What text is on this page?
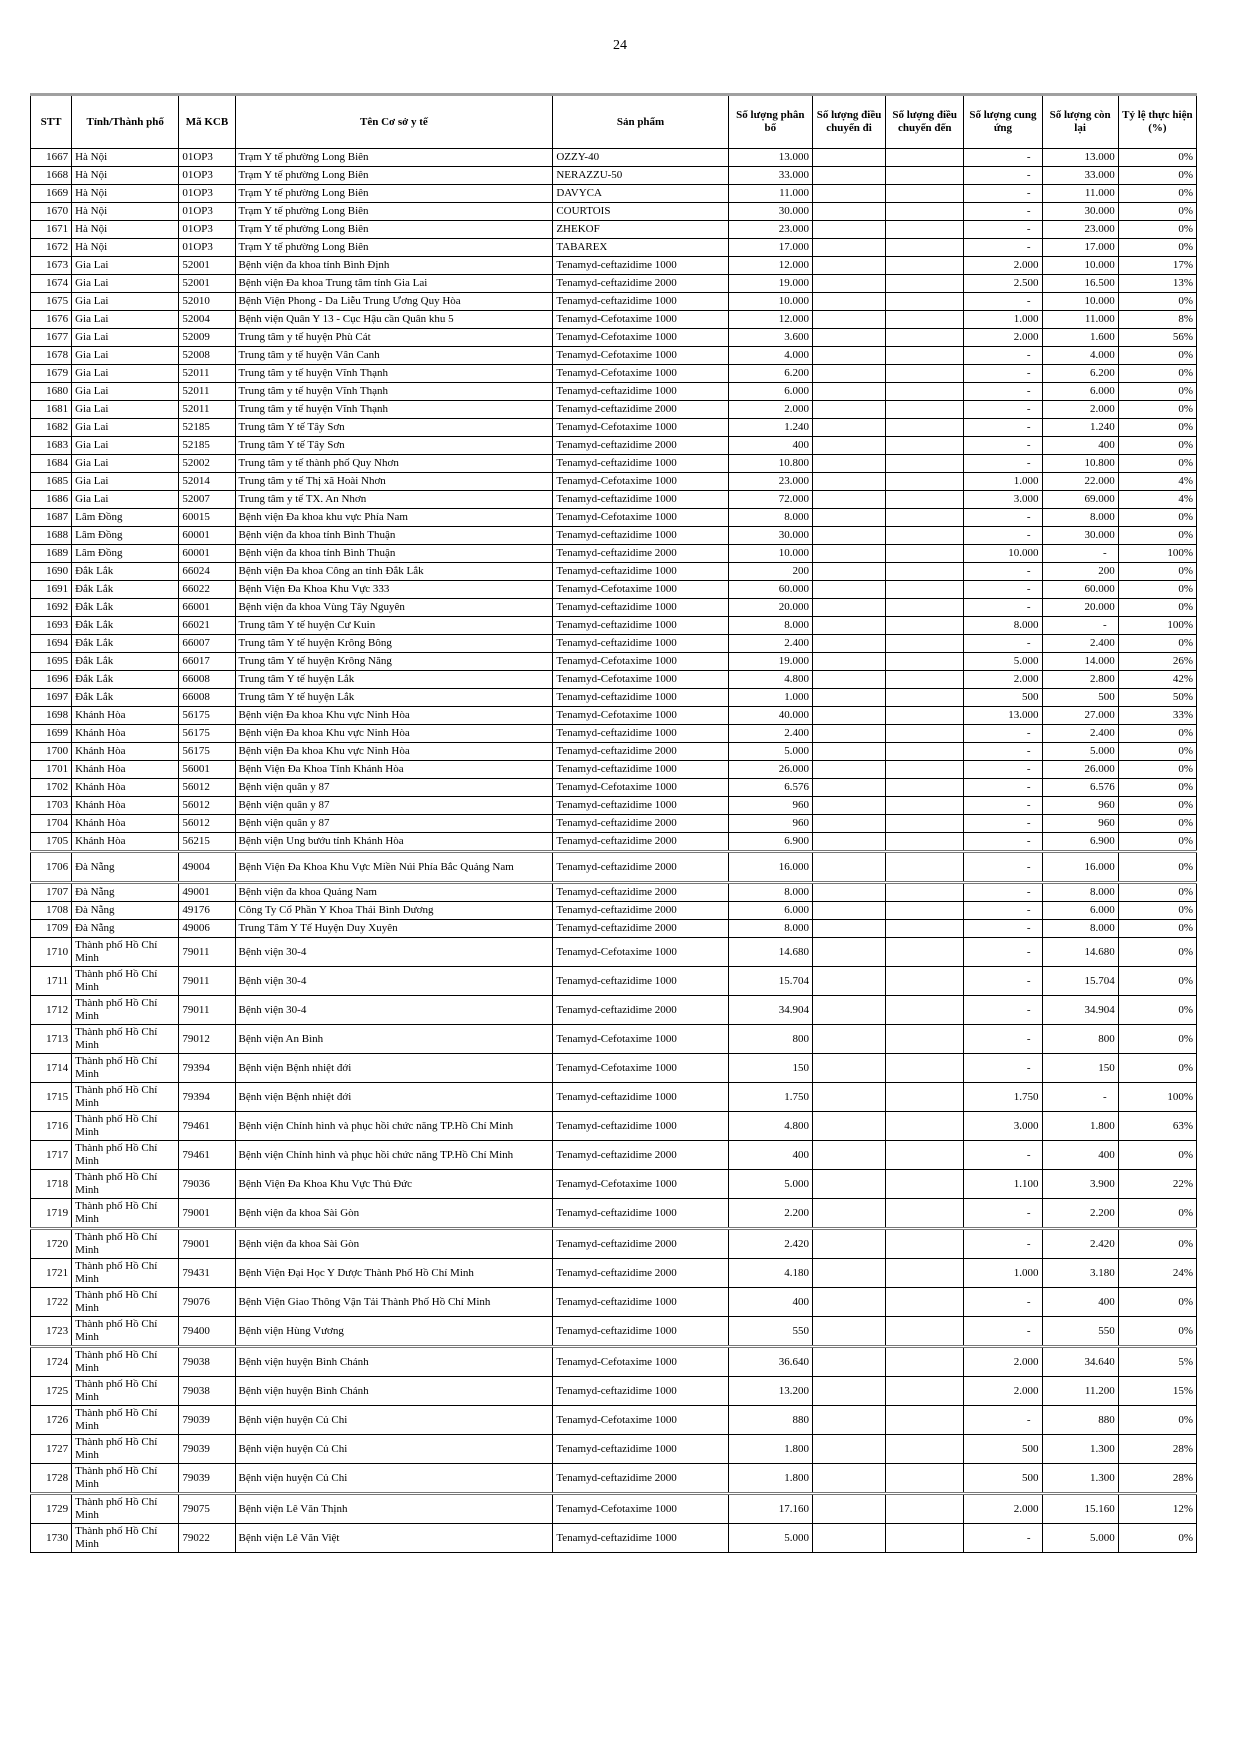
24
STT	Tỉnh/Thành phố	Mã KCB	Tên Cơ sở y tế	Sản phẩm	Số lượng phân bổ	Số lượng điều chuyển đi	Số lượng điều chuyển đến	Số lượng cung ứng	Số lượng còn lại	Tỷ lệ thực hiện (%)
1667	Hà Nội	01OP3	Trạm Y tế phường Long Biên	OZZY-40	13.000			-	13.000	0%
1668	Hà Nội	01OP3	Trạm Y tế phường Long Biên	NERAZZU-50	33.000			-	33.000	0%
1669	Hà Nội	01OP3	Trạm Y tế phường Long Biên	DAVYCA	11.000			-	11.000	0%
1670	Hà Nội	01OP3	Trạm Y tế phường Long Biên	COURTOIS	30.000			-	30.000	0%
1671	Hà Nội	01OP3	Trạm Y tế phường Long Biên	ZHEKOF	23.000			-	23.000	0%
1672	Hà Nội	01OP3	Trạm Y tế phường Long Biên	TABAREX	17.000			-	17.000	0%
1673	Gia Lai	52001	Bệnh viện đa khoa tỉnh Bình Định	Tenamyd-ceftazidime 1000	12.000			2.000	10.000	17%
1674	Gia Lai	52001	Bệnh viện Đa khoa Trung tâm tỉnh Gia Lai	Tenamyd-ceftazidime 2000	19.000			2.500	16.500	13%
1675	Gia Lai	52010	Bệnh Viện Phong - Da Liễu Trung Ương Quy Hòa	Tenamyd-ceftazidime 1000	10.000			-	10.000	0%
1676	Gia Lai	52004	Bệnh viện Quân Y 13 - Cục Hậu cần Quân khu 5	Tenamyd-Cefotaxime 1000	12.000			1.000	11.000	8%
1677	Gia Lai	52009	Trung tâm y tế huyện Phù Cát	Tenamyd-Cefotaxime 1000	3.600			2.000	1.600	56%
1678	Gia Lai	52008	Trung tâm y tế huyện Vân Canh	Tenamyd-Cefotaxime 1000	4.000			-	4.000	0%
1679	Gia Lai	52011	Trung tâm y tế huyện Vĩnh Thạnh	Tenamyd-Cefotaxime 1000	6.200			-	6.200	0%
1680	Gia Lai	52011	Trung tâm y tế huyện Vĩnh Thạnh	Tenamyd-ceftazidime 1000	6.000			-	6.000	0%
1681	Gia Lai	52011	Trung tâm y tế huyện Vĩnh Thạnh	Tenamyd-ceftazidime 2000	2.000			-	2.000	0%
1682	Gia Lai	52185	Trung tâm Y tế Tây Sơn	Tenamyd-Cefotaxime 1000	1.240			-	1.240	0%
1683	Gia Lai	52185	Trung tâm Y tế Tây Sơn	Tenamyd-ceftazidime 2000	400			-	400	0%
1684	Gia Lai	52002	Trung tâm y tế thành phố Quy Nhơn	Tenamyd-ceftazidime 1000	10.800			-	10.800	0%
1685	Gia Lai	52014	Trung tâm y tế Thị xã Hoài Nhơn	Tenamyd-Cefotaxime 1000	23.000			1.000	22.000	4%
1686	Gia Lai	52007	Trung tâm y tế TX. An Nhơn	Tenamyd-ceftazidime 1000	72.000			3.000	69.000	4%
1687	Lâm Đồng	60015	Bệnh viện Đa khoa khu vực Phía Nam	Tenamyd-Cefotaxime 1000	8.000			-	8.000	0%
1688	Lâm Đồng	60001	Bệnh viện đa khoa tỉnh Bình Thuận	Tenamyd-ceftazidime 1000	30.000			-	30.000	0%
1689	Lâm Đồng	60001	Bệnh viện đa khoa tỉnh Bình Thuận	Tenamyd-ceftazidime 2000	10.000			10.000	-	100%
1690	Đắk Lắk	66024	Bệnh viện Đa khoa Công an tỉnh Đắk Lắk	Tenamyd-ceftazidime 1000	200			-	200	0%
1691	Đắk Lắk	66022	Bệnh Viện Đa Khoa Khu Vực 333	Tenamyd-Cefotaxime 1000	60.000			-	60.000	0%
1692	Đắk Lắk	66001	Bệnh viện đa khoa Vùng Tây Nguyên	Tenamyd-ceftazidime 1000	20.000			-	20.000	0%
1693	Đắk Lắk	66021	Trung tâm Y tế huyện Cư Kuin	Tenamyd-ceftazidime 1000	8.000			8.000	-	100%
1694	Đắk Lắk	66007	Trung tâm Y tế huyện Krông Bông	Tenamyd-ceftazidime 1000	2.400			-	2.400	0%
1695	Đắk Lắk	66017	Trung tâm Y tế huyện Krông Năng	Tenamyd-Cefotaxime 1000	19.000			5.000	14.000	26%
1696	Đắk Lắk	66008	Trung tâm Y tế huyện Lắk	Tenamyd-Cefotaxime 1000	4.800			2.000	2.800	42%
1697	Đắk Lắk	66008	Trung tâm Y tế huyện Lắk	Tenamyd-ceftazidime 1000	1.000			500	500	50%
1698	Khánh Hòa	56175	Bệnh viện Đa khoa Khu vực Ninh Hòa	Tenamyd-Cefotaxime 1000	40.000			13.000	27.000	33%
1699	Khánh Hòa	56175	Bệnh viện Đa khoa Khu vực Ninh Hòa	Tenamyd-ceftazidime 1000	2.400			-	2.400	0%
1700	Khánh Hòa	56175	Bệnh viện Đa khoa Khu vực Ninh Hòa	Tenamyd-ceftazidime 2000	5.000			-	5.000	0%
1701	Khánh Hòa	56001	Bệnh Viện Đa Khoa Tỉnh Khánh Hòa	Tenamyd-ceftazidime 1000	26.000			-	26.000	0%
1702	Khánh Hòa	56012	Bệnh viện quân y 87	Tenamyd-Cefotaxime 1000	6.576			-	6.576	0%
1703	Khánh Hòa	56012	Bệnh viện quân y 87	Tenamyd-ceftazidime 1000	960			-	960	0%
1704	Khánh Hòa	56012	Bệnh viện quân y 87	Tenamyd-ceftazidime 2000	960			-	960	0%
1705	Khánh Hòa	56215	Bệnh viện Ung bướu tỉnh Khánh Hòa	Tenamyd-ceftazidime 2000	6.900			-	6.900	0%
1706	Đà Nẵng	49004	Bệnh Viện Đa Khoa Khu Vực Miền Núi Phía Bắc Quảng Nam	Tenamyd-ceftazidime 2000	16.000			-	16.000	0%
1707	Đà Nẵng	49001	Bệnh viện đa khoa Quảng Nam	Tenamyd-ceftazidime 2000	8.000			-	8.000	0%
1708	Đà Nẵng	49176	Công Ty Cổ Phần Y Khoa Thái Bình Dương	Tenamyd-ceftazidime 2000	6.000			-	6.000	0%
1709	Đà Nẵng	49006	Trung Tâm Y Tế Huyện Duy Xuyên	Tenamyd-ceftazidime 2000	8.000			-	8.000	0%
1710	Thành phố Hồ Chí Minh	79011	Bệnh viện 30-4	Tenamyd-Cefotaxime 1000	14.680			-	14.680	0%
1711	Thành phố Hồ Chí Minh	79011	Bệnh viện 30-4	Tenamyd-ceftazidime 1000	15.704			-	15.704	0%
1712	Thành phố Hồ Chí Minh	79011	Bệnh viện 30-4	Tenamyd-ceftazidime 2000	34.904			-	34.904	0%
1713	Thành phố Hồ Chí Minh	79012	Bệnh viện An Bình	Tenamyd-Cefotaxime 1000	800			-	800	0%
1714	Thành phố Hồ Chí Minh	79394	Bệnh viện Bệnh nhiệt đới	Tenamyd-Cefotaxime 1000	150			-	150	0%
1715	Thành phố Hồ Chí Minh	79394	Bệnh viện Bệnh nhiệt đới	Tenamyd-ceftazidime 1000	1.750			1.750	-	100%
1716	Thành phố Hồ Chí Minh	79461	Bệnh viện Chỉnh hình và phục hồi chức năng TP.Hồ Chí Minh	Tenamyd-ceftazidime 1000	4.800			3.000	1.800	63%
1717	Thành phố Hồ Chí Minh	79461	Bệnh viện Chỉnh hình và phục hồi chức năng TP.Hồ Chí Minh	Tenamyd-ceftazidime 2000	400			-	400	0%
1718	Thành phố Hồ Chí Minh	79036	Bệnh Viện Đa Khoa Khu Vực Thủ Đức	Tenamyd-Cefotaxime 1000	5.000			1.100	3.900	22%
1719	Thành phố Hồ Chí Minh	79001	Bệnh viện đa khoa Sài Gòn	Tenamyd-ceftazidime 1000	2.200			-	2.200	0%
1720	Thành phố Hồ Chí Minh	79001	Bệnh viện đa khoa Sài Gòn	Tenamyd-ceftazidime 2000	2.420			-	2.420	0%
1721	Thành phố Hồ Chí Minh	79431	Bệnh Viện Đại Học Y Dược Thành Phố Hồ Chí Minh	Tenamyd-ceftazidime 2000	4.180			1.000	3.180	24%
1722	Thành phố Hồ Chí Minh	79076	Bệnh Viện Giao Thông Vận Tải Thành Phố Hồ Chí Minh	Tenamyd-ceftazidime 1000	400			-	400	0%
1723	Thành phố Hồ Chí Minh	79400	Bệnh viện Hùng Vương	Tenamyd-ceftazidime 1000	550			-	550	0%
1724	Thành phố Hồ Chí Minh	79038	Bệnh viện huyện Bình Chánh	Tenamyd-Cefotaxime 1000	36.640			2.000	34.640	5%
1725	Thành phố Hồ Chí Minh	79038	Bệnh viện huyện Bình Chánh	Tenamyd-ceftazidime 1000	13.200			2.000	11.200	15%
1726	Thành phố Hồ Chí Minh	79039	Bệnh viện huyện Củ Chi	Tenamyd-Cefotaxime 1000	880			-	880	0%
1727	Thành phố Hồ Chí Minh	79039	Bệnh viện huyện Củ Chi	Tenamyd-ceftazidime 1000	1.800			500	1.300	28%
1728	Thành phố Hồ Chí Minh	79039	Bệnh viện huyện Củ Chi	Tenamyd-ceftazidime 2000	1.800			500	1.300	28%
1729	Thành phố Hồ Chí Minh	79075	Bệnh viện Lê Văn Thịnh	Tenamyd-Cefotaxime 1000	17.160			2.000	15.160	12%
1730	Thành phố Hồ Chí Minh	79022	Bệnh viện Lê Văn Việt	Tenamyd-ceftazidime 1000	5.000			-	5.000	0%
